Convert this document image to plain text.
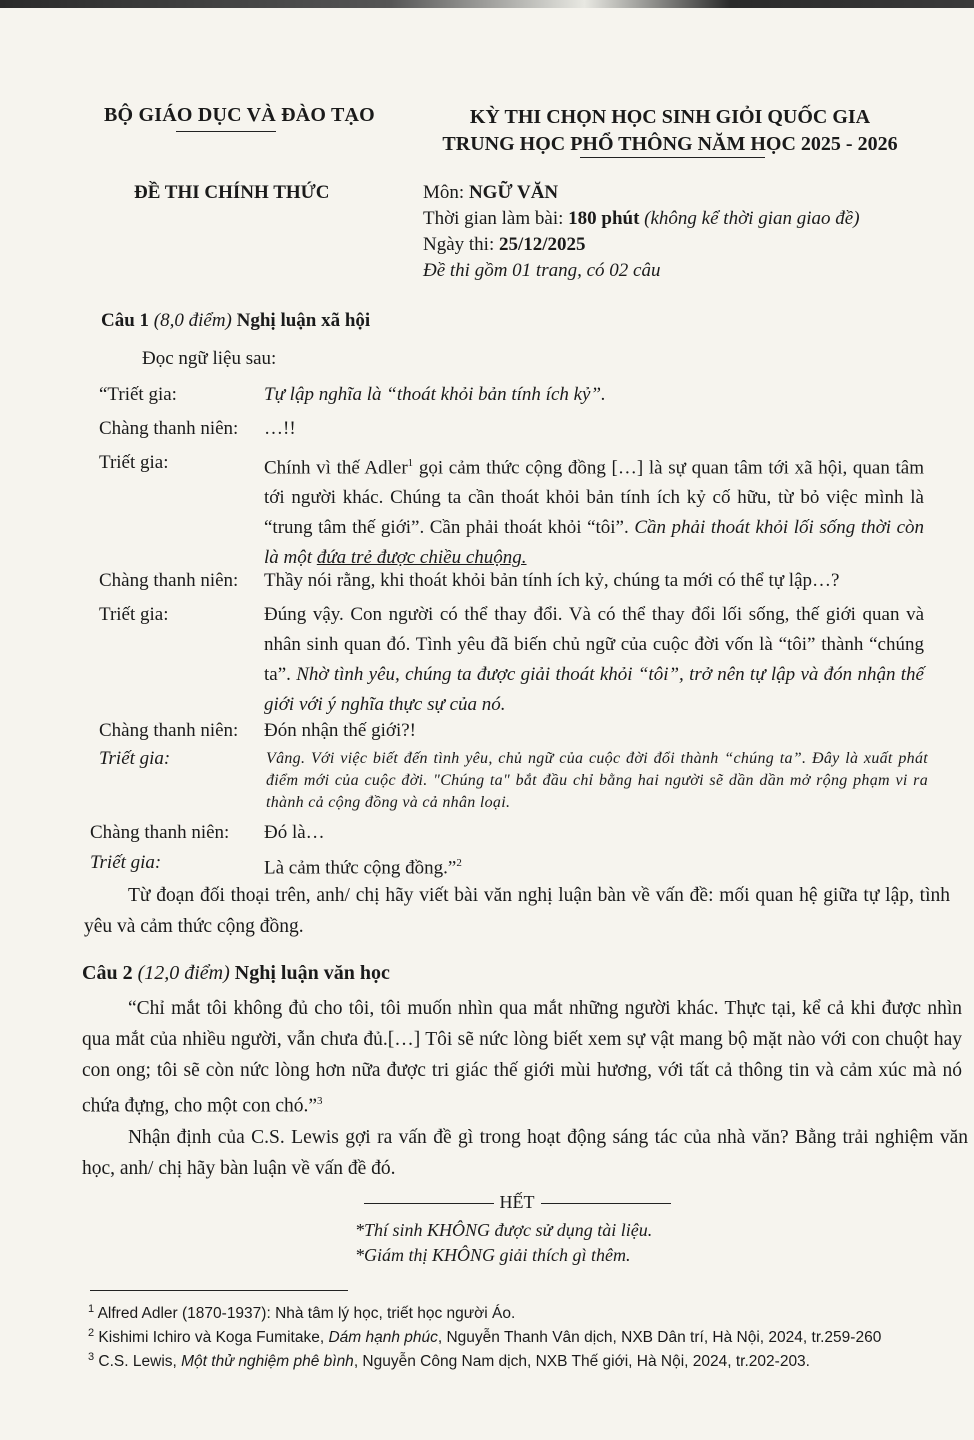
BỘ GIÁO DỤC VÀ ĐÀO TẠO	KỲ THI CHỌN HỌC SINH GIỎI QUỐC GIA
TRUNG HỌC PHỔ THÔNG NĂM HỌC 2025 - 2026
ĐỀ THI CHÍNH THỨC	Môn: NGỮ VĂN
Thời gian làm bài: 180 phút (không kể thời gian giao đề)
Ngày thi: 25/12/2025
Đề thi gồm 01 trang, có 02 câu
Câu 1 (8,0 điểm) Nghị luận xã hội
Đọc ngữ liệu sau:
“Triết gia:	Tự lập nghĩa là “thoát khỏi bản tính ích kỷ”.
Chàng thanh niên:	…!!
Triết gia:	Chính vì thế Adler$^1$ gọi cảm thức cộng đồng […] là sự quan tâm tới xã hội, quan tâm tới người khác. Chúng ta cần thoát khỏi bản tính ích kỷ cố hữu, từ bỏ việc mình là “trung tâm thế giới”. Cần phải thoát khỏi “tôi”. Cần phải thoát khỏi lối sống thời còn là một đứa trẻ được chiều chuộng.
Chàng thanh niên:	Thầy nói rằng, khi thoát khỏi bản tính ích kỷ, chúng ta mới có thể tự lập…?
Triết gia:	Đúng vậy. Con người có thể thay đổi. Và có thể thay đổi lối sống, thế giới quan và nhân sinh quan đó. Tình yêu đã biến chủ ngữ của cuộc đời vốn là “tôi” thành “chúng ta”. Nhờ tình yêu, chúng ta được giải thoát khỏi “tôi”, trở nên tự lập và đón nhận thế giới với ý nghĩa thực sự của nó.
Chàng thanh niên:	Đón nhận thế giới?!
Triết gia:	Vâng. Với việc biết đến tình yêu, chủ ngữ của cuộc đời đổi thành “chúng ta”. Đây là xuất phát điểm mới của cuộc đời. "Chúng ta" bắt đầu chỉ bằng hai người sẽ dần dần mở rộng phạm vi ra thành cả cộng đồng và cả nhân loại.
Chàng thanh niên:	Đó là…
Triết gia:	Là cảm thức cộng đồng.”$^2$
Từ đoạn đối thoại trên, anh/ chị hãy viết bài văn nghị luận bàn về vấn đề: mối quan hệ giữa tự lập, tình yêu và cảm thức cộng đồng.
Câu 2 (12,0 điểm) Nghị luận văn học
“Chỉ mắt tôi không đủ cho tôi, tôi muốn nhìn qua mắt những người khác. Thực tại, kể cả khi được nhìn qua mắt của nhiều người, vẫn chưa đủ.[…] Tôi sẽ nức lòng biết xem sự vật mang bộ mặt nào với con chuột hay con ong; tôi sẽ còn nức lòng hơn nữa được tri giác thế giới mùi hương, với tất cả thông tin và cảm xúc mà nó chứa đựng, cho một con chó.”$^3$
Nhận định của C.S. Lewis gợi ra vấn đề gì trong hoạt động sáng tác của nhà văn? Bằng trải nghiệm văn học, anh/ chị hãy bàn luận về vấn đề đó.
HẾT
*Thí sinh KHÔNG được sử dụng tài liệu.
*Giám thị KHÔNG giải thích gì thêm.
$^1$ Alfred Adler (1870-1937): Nhà tâm lý học, triết học người Áo.
$^2$ Kishimi Ichiro và Koga Fumitake, Dám hạnh phúc, Nguyễn Thanh Vân dịch, NXB Dân trí, Hà Nội, 2024, tr.259-260
$^3$ C.S. Lewis, Một thử nghiệm phê bình, Nguyễn Công Nam dịch, NXB Thế giới, Hà Nội, 2024, tr.202-203.
